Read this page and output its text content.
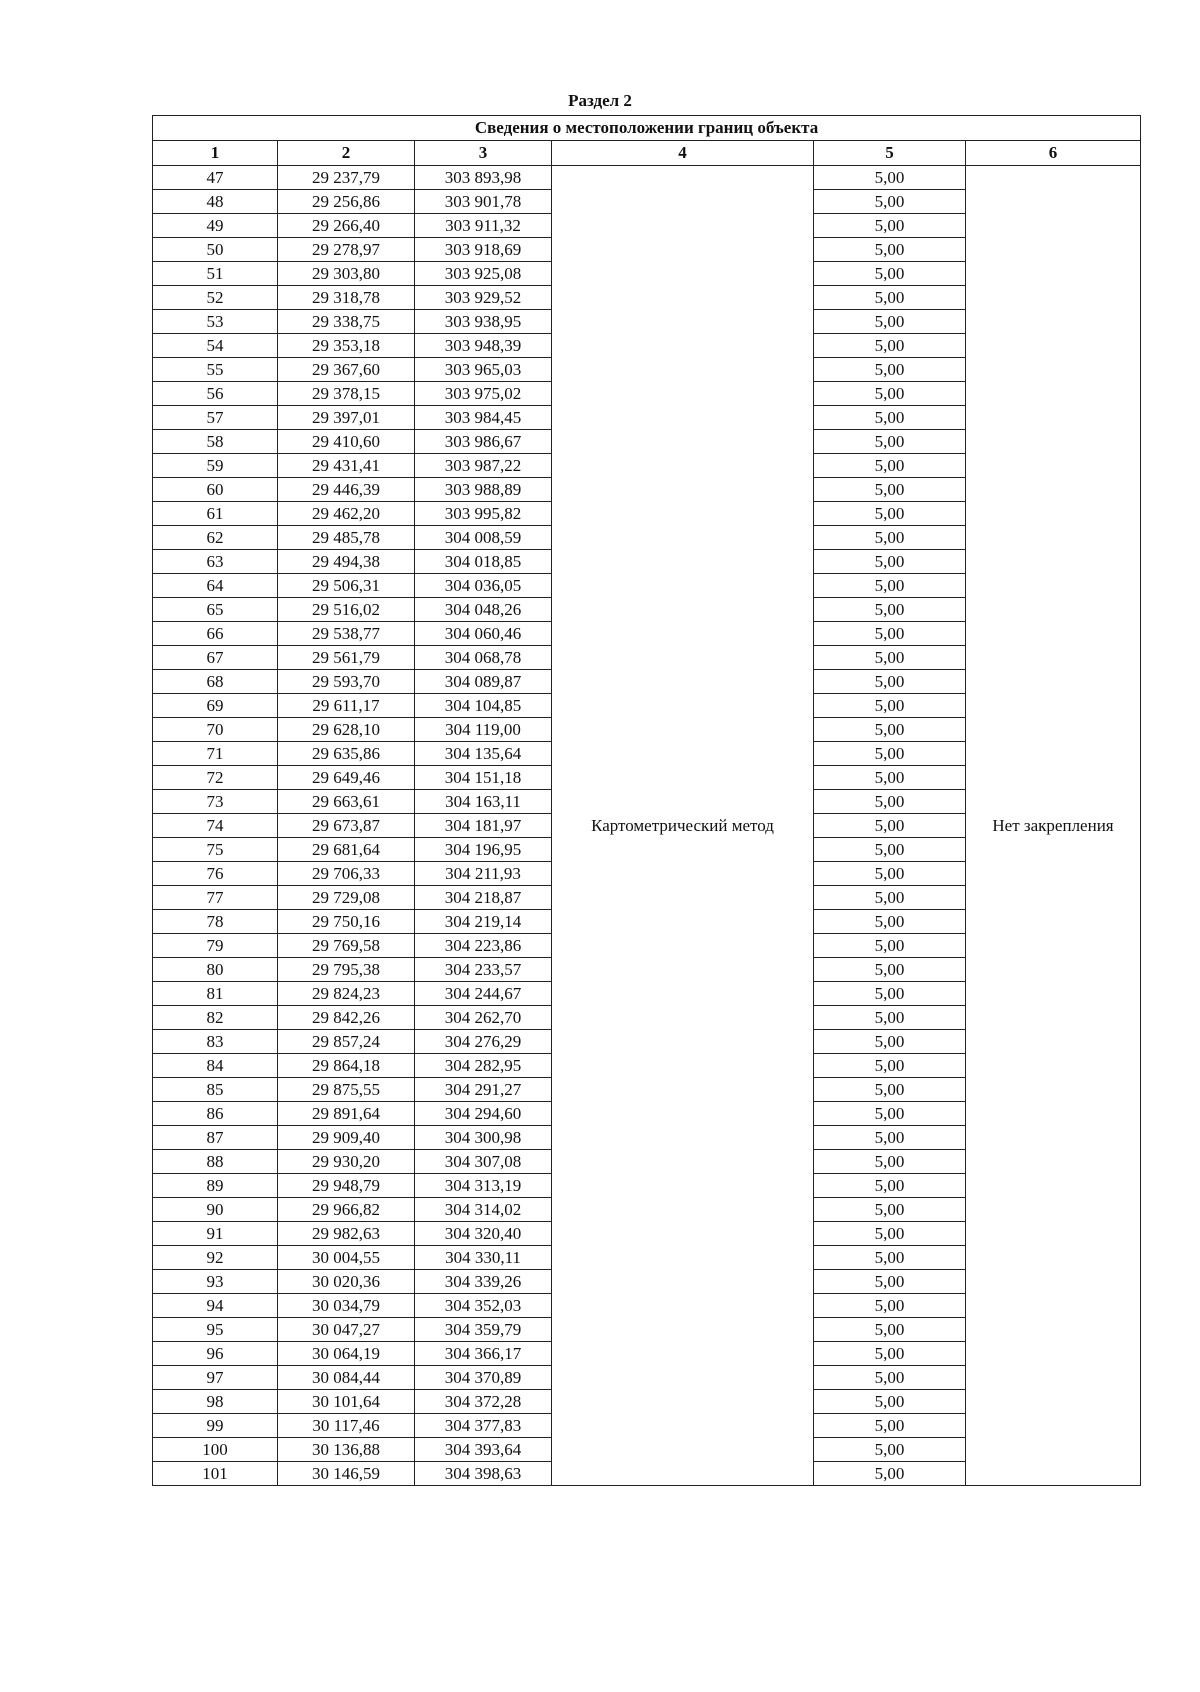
Раздел 2
Сведения о местоположении границ объекта					
1	2	3	4	5	6
47	29 237,79	303 893,98	Картометрический метод	5,00	Нет закрепления
48	29 256,86	303 901,78		5,00	
49	29 266,40	303 911,32		5,00	
50	29 278,97	303 918,69		5,00	
51	29 303,80	303 925,08		5,00	
52	29 318,78	303 929,52		5,00	
53	29 338,75	303 938,95		5,00	
54	29 353,18	303 948,39		5,00	
55	29 367,60	303 965,03		5,00	
56	29 378,15	303 975,02		5,00	
57	29 397,01	303 984,45		5,00	
58	29 410,60	303 986,67		5,00	
59	29 431,41	303 987,22		5,00	
60	29 446,39	303 988,89		5,00	
61	29 462,20	303 995,82		5,00	
62	29 485,78	304 008,59		5,00	
63	29 494,38	304 018,85		5,00	
64	29 506,31	304 036,05		5,00	
65	29 516,02	304 048,26		5,00	
66	29 538,77	304 060,46		5,00	
67	29 561,79	304 068,78		5,00	
68	29 593,70	304 089,87		5,00	
69	29 611,17	304 104,85		5,00	
70	29 628,10	304 119,00		5,00	
71	29 635,86	304 135,64		5,00	
72	29 649,46	304 151,18		5,00	
73	29 663,61	304 163,11		5,00	
74	29 673,87	304 181,97		5,00	
75	29 681,64	304 196,95		5,00	
76	29 706,33	304 211,93		5,00	
77	29 729,08	304 218,87		5,00	
78	29 750,16	304 219,14		5,00	
79	29 769,58	304 223,86		5,00	
80	29 795,38	304 233,57		5,00	
81	29 824,23	304 244,67		5,00	
82	29 842,26	304 262,70		5,00	
83	29 857,24	304 276,29		5,00	
84	29 864,18	304 282,95		5,00	
85	29 875,55	304 291,27		5,00	
86	29 891,64	304 294,60		5,00	
87	29 909,40	304 300,98		5,00	
88	29 930,20	304 307,08		5,00	
89	29 948,79	304 313,19		5,00	
90	29 966,82	304 314,02		5,00	
91	29 982,63	304 320,40		5,00	
92	30 004,55	304 330,11		5,00	
93	30 020,36	304 339,26		5,00	
94	30 034,79	304 352,03		5,00	
95	30 047,27	304 359,79		5,00	
96	30 064,19	304 366,17		5,00	
97	30 084,44	304 370,89		5,00	
98	30 101,64	304 372,28		5,00	
99	30 117,46	304 377,83		5,00	
100	30 136,88	304 393,64		5,00	
101	30 146,59	304 398,63		5,00	
